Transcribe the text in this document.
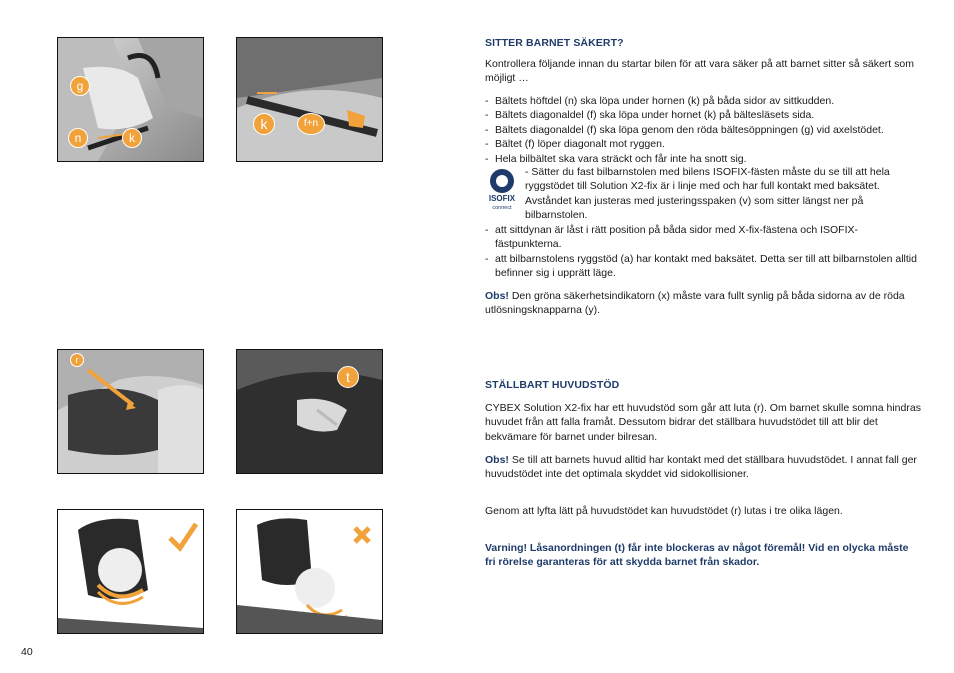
g
n	k
k	f+n
r
t
SITTER BARNET SÄKERT?
Kontrollera följande innan du startar bilen för att vara säker på att barnet sitter så säkert som möjligt …
- Bältets höftdel (n) ska löpa under hornen (k) på båda sidor av sittkudden.
- Bältets diagonaldel (f) ska löpa under hornet (k) på bältesläsets sida.
- Bältets diagonaldel (f) ska löpa genom den röda bältesöppningen (g) vid axelstödet.
- Bältet (f) löper diagonalt mot ryggen.
- Hela bilbältet ska vara sträckt och får inte ha snott sig.
ISOFIX
connect
- Sätter du fast bilbarnstolen med bilens ISOFIX-fästen måste du se till att hela ryggstödet till Solution X2-fix är i linje med och har full kontakt med baksätet. Avståndet kan justeras med justeringsspaken (v) som sitter längst ner på bilbarnstolen.
- att sittdynan är låst i rätt position på båda sidor med X-fix-fästena och ISOFIX-fästpunkterna.
- att bilbarnstolens ryggstöd (a) har kontakt med baksätet. Detta ser till att bilbarnstolen alltid befinner sig i upprätt läge.
Obs! Den gröna säkerhetsindikatorn (x) måste vara fullt synlig på båda sidorna av de röda utlösningsknapparna (y).
STÄLLBART HUVUDSTÖD
CYBEX Solution X2-fix har ett huvudstöd som går att luta (r). Om barnet skulle somna hindras huvudet från att falla framåt. Dessutom bidrar det ställbara huvudstödet till att blir det bekvämare för barnet under bilresan.
Obs! Se till att barnets huvud alltid har kontakt med det ställbara huvudstödet. I annat fall ger huvudstödet inte det optimala skyddet vid sidokollisioner.
Genom att lyfta lätt på huvudstödet kan huvudstödet (r) lutas i tre olika lägen.
Varning! Låsanordningen (t) får inte blockeras av något föremål! Vid en olycka måste fri rörelse garanteras för att skydda barnet från skador.
40
